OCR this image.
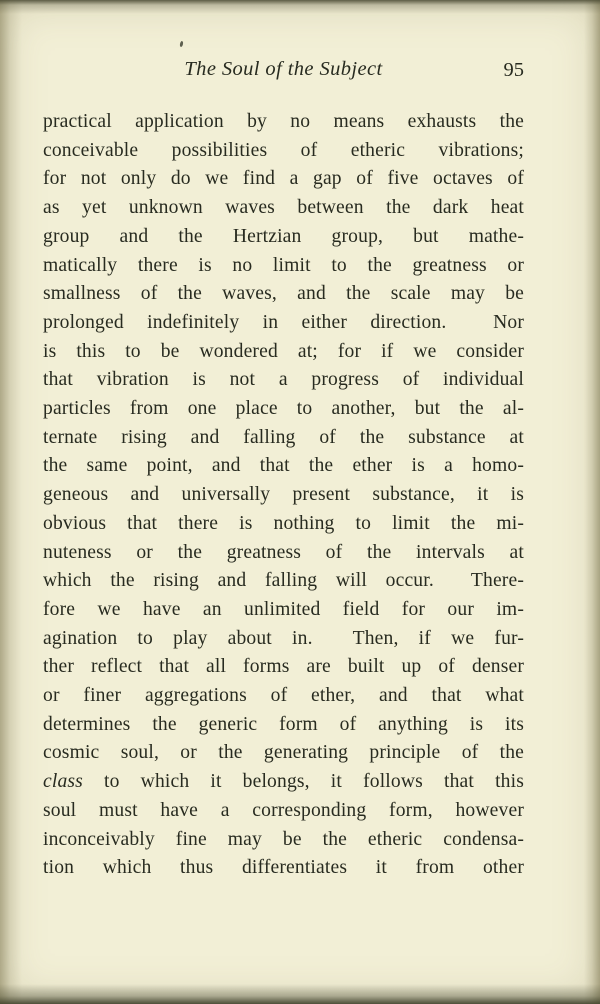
The Soul of the Subject	95
practical application by no means exhausts the
conceivable possibilities of etheric vibrations;
for not only do we find a gap of five octaves of
as yet unknown waves between the dark heat
group and the Hertzian group, but mathe-
matically there is no limit to the greatness or
smallness of the waves, and the scale may be
prolonged indefinitely in either direction.  Nor
is this to be wondered at; for if we consider
that vibration is not a progress of individual
particles from one place to another, but the al-
ternate rising and falling of the substance at
the same point, and that the ether is a homo-
geneous and universally present substance, it is
obvious that there is nothing to limit the mi-
nuteness or the greatness of the intervals at
which the rising and falling will occur.  There-
fore we have an unlimited field for our im-
agination to play about in.  Then, if we fur-
ther reflect that all forms are built up of denser
or finer aggregations of ether, and that what
determines the generic form of anything is its
cosmic soul, or the generating principle of the
class to which it belongs, it follows that this
soul must have a corresponding form, however
inconceivably fine may be the etheric condensa-
tion which thus differentiates it from other
